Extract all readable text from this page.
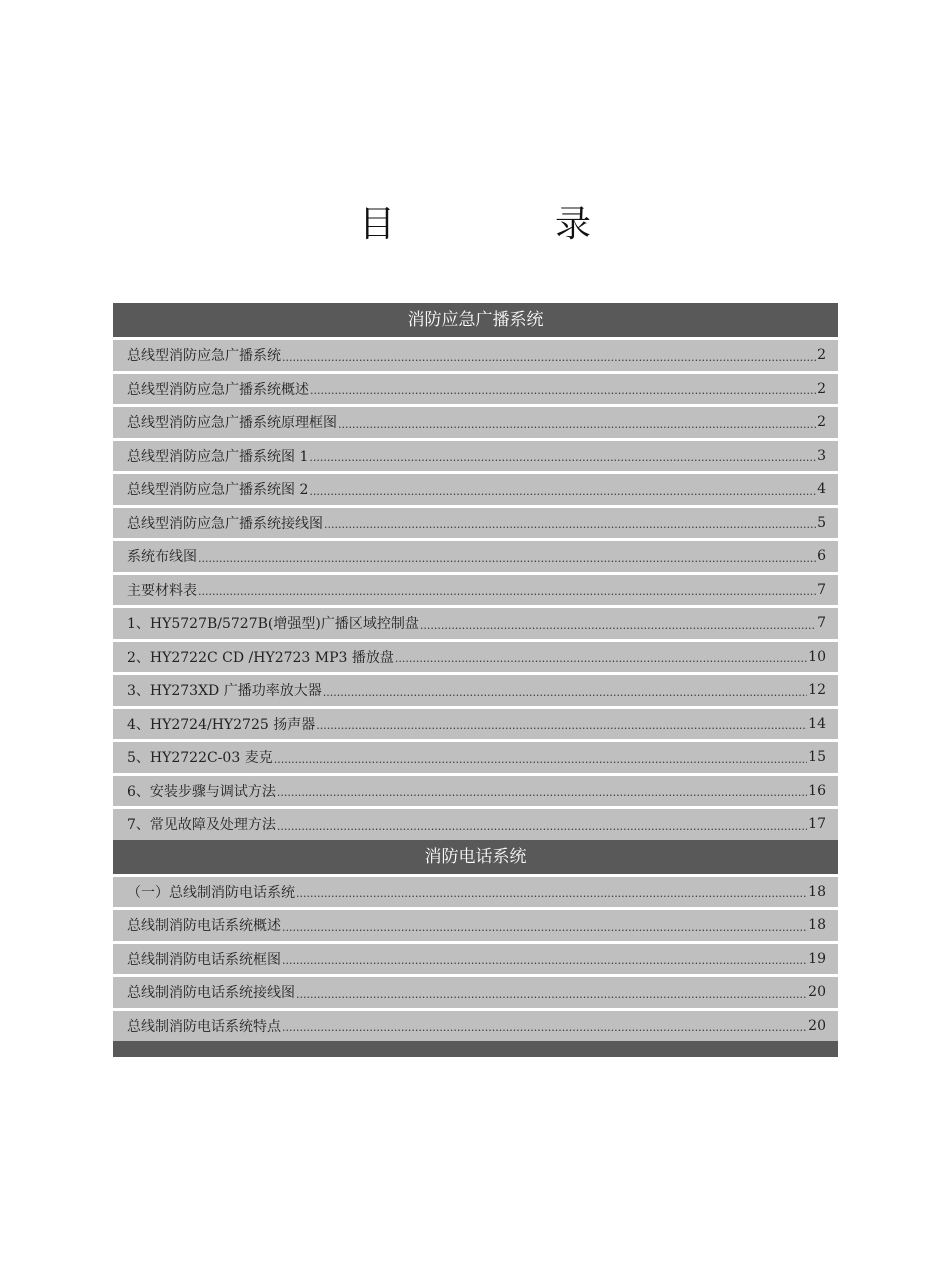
目　录
消防应急广播系统
总线型消防应急广播系统 .....	2
总线型消防应急广播系统概述 .....	2
总线型消防应急广播系统原理框图 .....	2
总线型消防应急广播系统图 1 .....	3
总线型消防应急广播系统图 2 .....	4
总线型消防应急广播系统接线图 .....	5
系统布线图 .....	6
主要材料表 .....	7
1、HY5727B/5727B(增强型)广播区域控制盘 .....	7
2、HY2722C CD /HY2723 MP3 播放盘 .....	10
3、HY273XD 广播功率放大器 .....	12
4、HY2724/HY2725 扬声器 .....	14
5、HY2722C-03 麦克 .....	15
6、安装步骤与调试方法 .....	16
7、常见故障及处理方法 .....	17
消防电话系统
（一）总线制消防电话系统 .....	18
总线制消防电话系统概述 .....	18
总线制消防电话系统框图 .....	19
总线制消防电话系统接线图 .....	20
总线制消防电话系统特点 .....	20
